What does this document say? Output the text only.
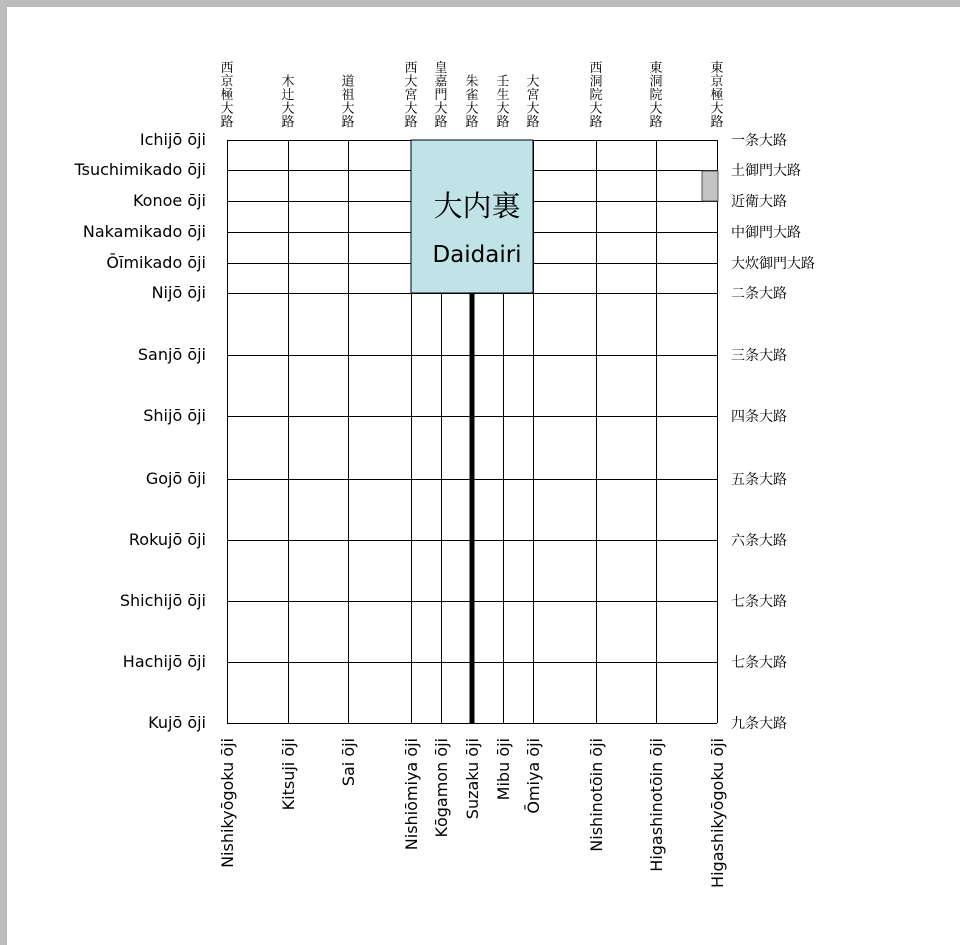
大内裏
Daidairi
Ichijō ōji	一条大路
Tsuchimikado ōji	土御門大路
Konoe ōji	近衛大路
Nakamikado ōji	中御門大路
Ōīmikado ōji	大炊御門大路
Nijō ōji	二条大路
Sanjō ōji	三条大路
Shijō ōji	四条大路
Gojō ōji	五条大路
Rokujō ōji	六条大路
Shichijō ōji	七条大路
Hachijō ōji	七条大路
Kujō ōji	九条大路
Nishikyōgoku ōji
西京極大路
Kitsuji ōji
木辻大路
Sai ōji
道祖大路
Nishiōmiya ōji
西大宮大路
Kōgamon ōji
皇嘉門大路
Suzaku ōji
朱雀大路
Mibu ōji
壬生大路
Ōmiya ōji
大宮大路
Nishinotōin ōji
西洞院大路
Higashinotōin ōji
東洞院大路
Higashikyōgoku ōji
東京極大路
